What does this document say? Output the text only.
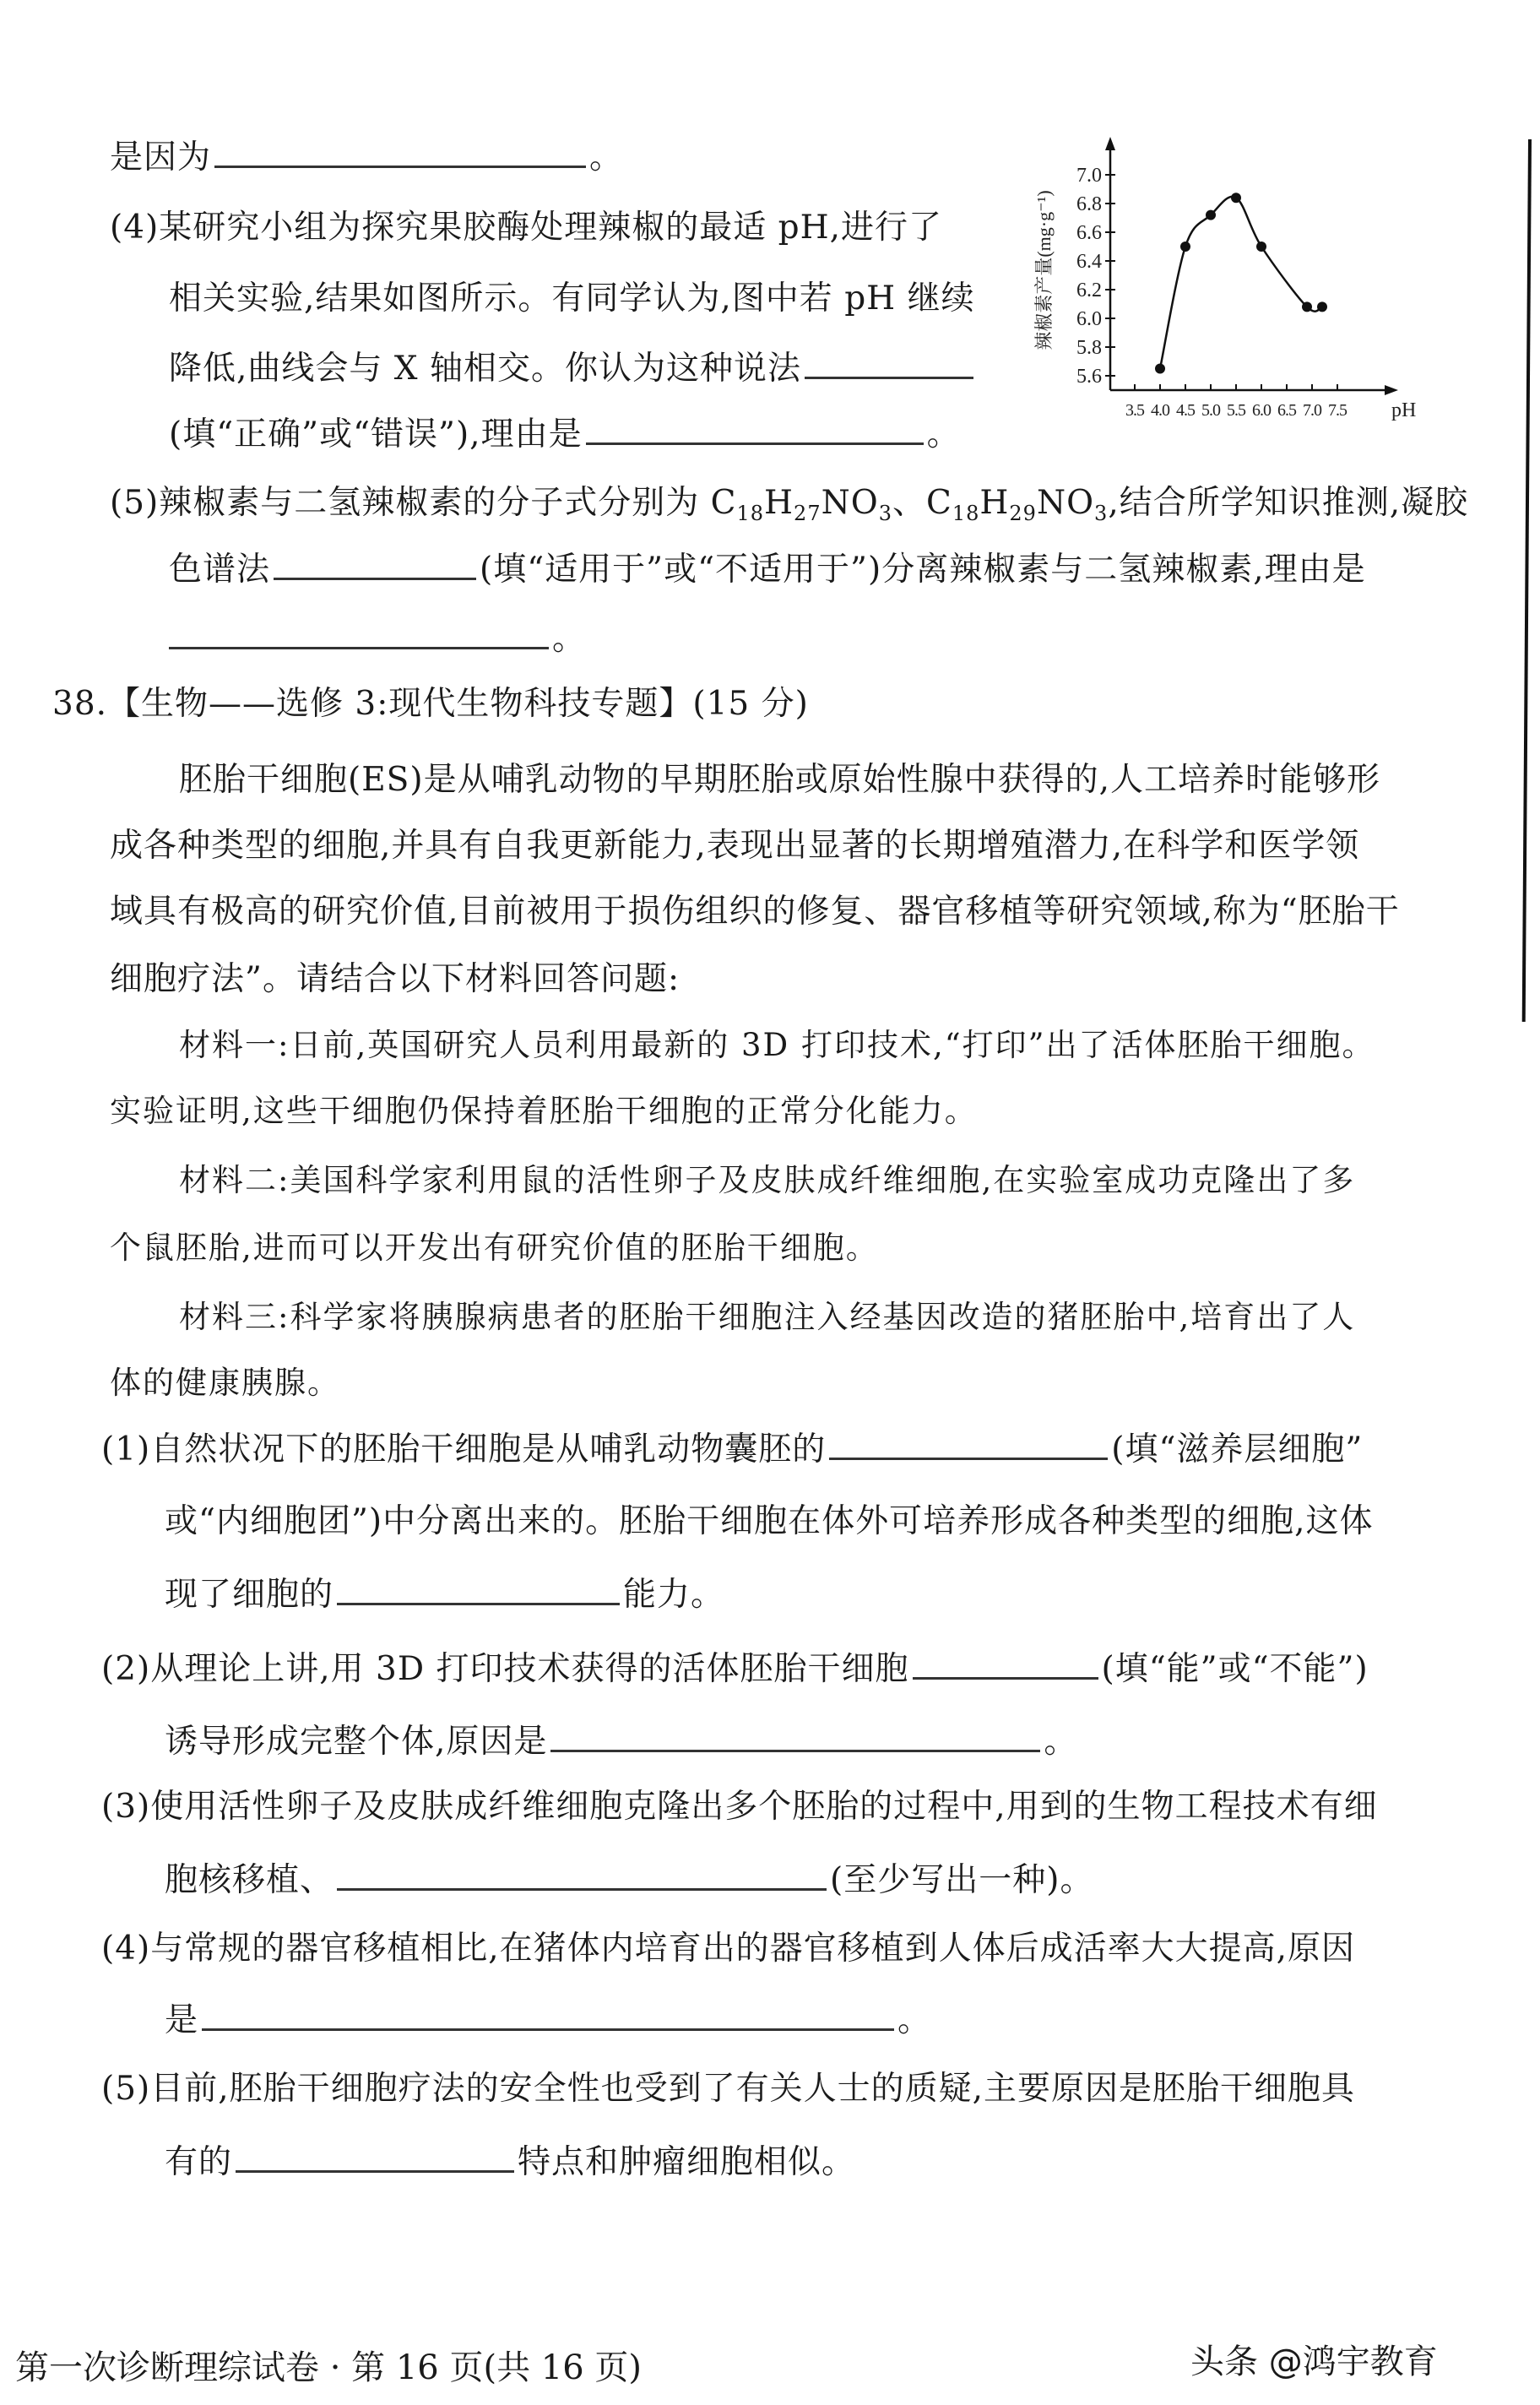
是因为	。
(4)某研究小组为探究果胶酶处理辣椒的最适 pH,进行了
相关实验,结果如图所示。有同学认为,图中若 pH 继续
降低,曲线会与 X 轴相交。你认为这种说法
(填“正确”或“错误”),理由是	。
5.6
5.8
6.0
6.2
6.4
6.6
6.8
7.0
3.5 4.0 4.5 5.0 5.5 6.0 6.5 7.0 7.5 pH
辣椒素产量(mg·g⁻¹)
(5)辣椒素与二氢辣椒素的分子式分别为 $C_{18}H_{27}NO_3$、$C_{18}H_{29}NO_3$,结合所学知识推测,凝胶
色谱法	(填“适用于”或“不适用于”)分离辣椒素与二氢辣椒素,理由是
。
38.【生物——选修 3:现代生物科技专题】(15 分)
胚胎干细胞(ES)是从哺乳动物的早期胚胎或原始性腺中获得的,人工培养时能够形
成各种类型的细胞,并具有自我更新能力,表现出显著的长期增殖潜力,在科学和医学领
域具有极高的研究价值,目前被用于损伤组织的修复、器官移植等研究领域,称为“胚胎干
细胞疗法”。请结合以下材料回答问题:
材料一:日前,英国研究人员利用最新的 3D 打印技术,“打印”出了活体胚胎干细胞。
实验证明,这些干细胞仍保持着胚胎干细胞的正常分化能力。
材料二:美国科学家利用鼠的活性卵子及皮肤成纤维细胞,在实验室成功克隆出了多
个鼠胚胎,进而可以开发出有研究价值的胚胎干细胞。
材料三:科学家将胰腺病患者的胚胎干细胞注入经基因改造的猪胚胎中,培育出了人
体的健康胰腺。
(1)自然状况下的胚胎干细胞是从哺乳动物囊胚的	(填“滋养层细胞”
或“内细胞团”)中分离出来的。胚胎干细胞在体外可培养形成各种类型的细胞,这体
现了细胞的	能力。
(2)从理论上讲,用 3D 打印技术获得的活体胚胎干细胞	(填“能”或“不能”)
诱导形成完整个体,原因是	。
(3)使用活性卵子及皮肤成纤维细胞克隆出多个胚胎的过程中,用到的生物工程技术有细
胞核移植、	(至少写出一种)。
(4)与常规的器官移植相比,在猪体内培育出的器官移植到人体后成活率大大提高,原因
是	。
(5)目前,胚胎干细胞疗法的安全性也受到了有关人士的质疑,主要原因是胚胎干细胞具
有的	特点和肿瘤细胞相似。
第一次诊断理综试卷 · 第 16 页(共 16 页)	头条 @鸿宇教育
